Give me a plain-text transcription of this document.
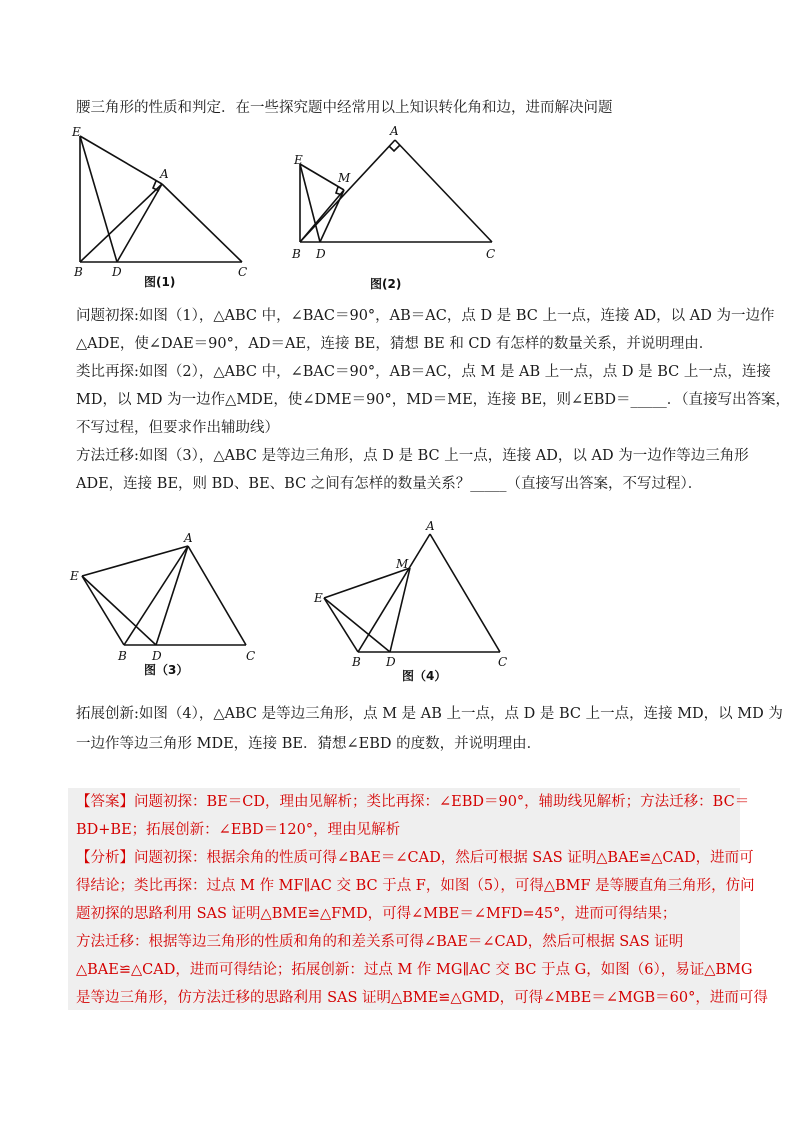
腰三角形的性质和判定．在一些探究题中经常用以上知识转化角和边，进而解决问题
E
A
B D	C
图(1)
E
M
A
B D	C
图(2)
问题初探:如图（1），△ABC 中，∠BAC＝90°，AB＝AC，点 D 是 BC 上一点，连接 AD，以 AD 为一边作
△ADE，使∠DAE＝90°，AD＝AE，连接 BE，猜想 BE 和 CD 有怎样的数量关系，并说明理由．
类比再探:如图（2），△ABC 中，∠BAC＝90°，AB＝AC，点 M 是 AB 上一点，点 D 是 BC 上一点，连接
MD，以 MD 为一边作△MDE，使∠DME＝90°，MD＝ME，连接 BE，则∠EBD＝_____．（直接写出答案，
不写过程，但要求作出辅助线）
方法迁移:如图（3），△ABC 是等边三角形，点 D 是 BC 上一点，连接 AD，以 AD 为一边作等边三角形
ADE，连接 BE，则 BD、BE、BC 之间有怎样的数量关系？_____（直接写出答案，不写过程）．
E
A
B D	C
图（3）
E
M
A
B D	C
图（4）
拓展创新:如图（4），△ABC 是等边三角形，点 M 是 AB 上一点，点 D 是 BC 上一点，连接 MD，以 MD 为
一边作等边三角形 MDE，连接 BE．猜想∠EBD 的度数，并说明理由．
【答案】问题初探：BE＝CD，理由见解析；类比再探：∠EBD＝90°，辅助线见解析；方法迁移：BC＝
BD+BE；拓展创新：∠EBD＝120°，理由见解析
【分析】问题初探：根据余角的性质可得∠BAE＝∠CAD，然后可根据 SAS 证明△BAE≌△CAD，进而可
得结论；类比再探：过点 M 作 MF∥AC 交 BC 于点 F，如图（5），可得△BMF 是等腰直角三角形，仿问
题初探的思路利用 SAS 证明△BME≌△FMD，可得∠MBE＝∠MFD=45°，进而可得结果；
方法迁移：根据等边三角形的性质和角的和差关系可得∠BAE＝∠CAD，然后可根据 SAS 证明
△BAE≌△CAD，进而可得结论；拓展创新：过点 M 作 MG∥AC 交 BC 于点 G，如图（6），易证△BMG
是等边三角形，仿方法迁移的思路利用 SAS 证明△BME≌△GMD，可得∠MBE＝∠MGB＝60°，进而可得
